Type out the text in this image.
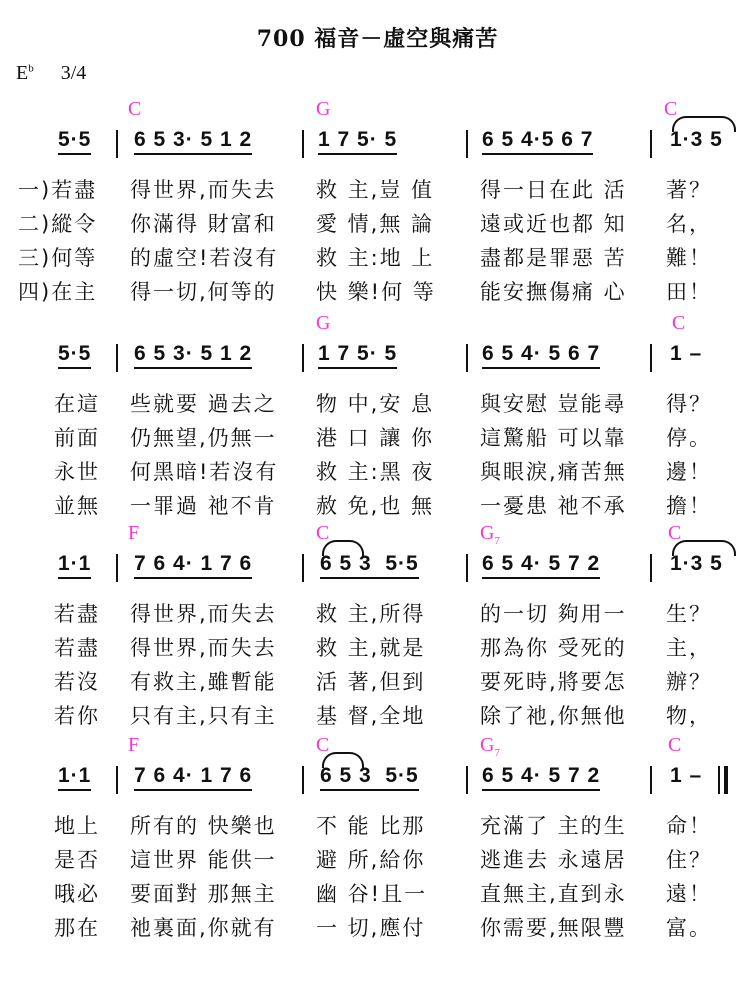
700 福音－虛空與痛苦
$E^b$ 3/4
C	G	C
5·5 6 5 3· 5 1 2	1 7 5· 5	6 5 4·5 6 7	1·3 5
一)若盡 得世界,而失去 救 主,豈 值 得一日在此 活 著？
二)縱令 你滿得 財富和 愛 情,無 論 遠或近也都 知 名，
三)何等 的虛空!若沒有 救 主:地 上 盡都是罪惡 苦 難！
四)在主 得一切,何等的 快 樂!何 等 能安撫傷痛 心 田！
G	C
5·5 6 5 3· 5 1 2	1 7 5· 5	6 5 4· 5 6 7	1 –
在這 些就要 過去之 物 中,安 息 與安慰 豈能尋 得？
前面 仍無望,仍無一 港 口 讓 你 這驚船 可以靠 停。
永世 何黑暗!若沒有 救 主:黑 夜 與眼淚,痛苦無 邊！
並無 一罪過 祂不肯 赦 免,也 無 一憂患 祂不承 擔！
F	C	$G_7$	C
1·1 7 6 4· 1 7 6	6 5 3  5·5	6 5 4· 5 7 2	1·3 5
若盡 得世界,而失去 救 主,所得	的一切 夠用一 生？
若盡 得世界,而失去 救 主,就是	那為你 受死的 主，
若沒 有救主,雖暫能 活 著,但到	要死時,將要怎 辦？
若你 只有主,只有主 基 督,全地	除了祂,你無他 物，
F	C	$G_7$	C
1·1 7 6 4· 1 7 6	6 5 3  5·5	6 5 4· 5 7 2	1 –
地上 所有的 快樂也 不 能 比那	充滿了 主的生 命！
是否 這世界 能供一 避 所,給你	逃進去 永遠居 住？
哦必 要面對 那無主 幽 谷!且一	直無主,直到永 遠！
那在 祂裏面,你就有 一 切,應付	你需要,無限豐 富。
